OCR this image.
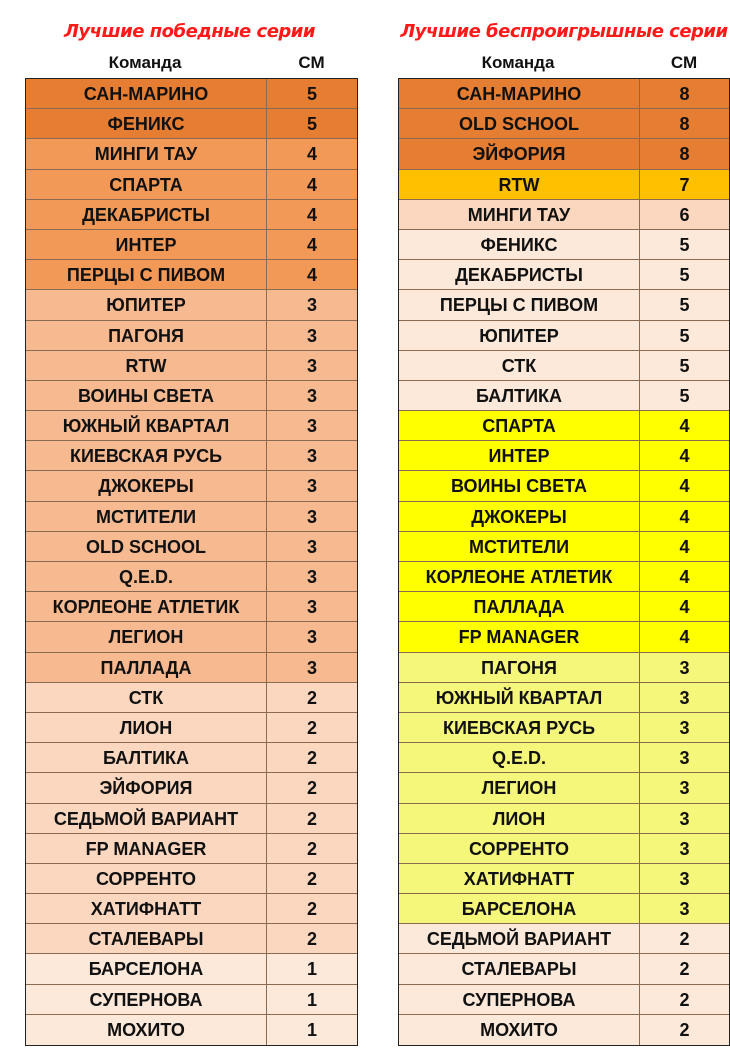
Лучшие победные серии
Команда	СМ
САН-МАРИНО	5
ФЕНИКС	5
МИНГИ ТАУ	4
СПАРТА	4
ДЕКАБРИСТЫ	4
ИНТЕР	4
ПЕРЦЫ С ПИВОМ	4
ЮПИТЕР	3
ПАГОНЯ	3
RTW	3
ВОИНЫ СВЕТА	3
ЮЖНЫЙ КВАРТАЛ	3
КИЕВСКАЯ РУСЬ	3
ДЖОКЕРЫ	3
МСТИТЕЛИ	3
OLD SCHOOL	3
Q.E.D.	3
КОРЛЕОНЕ АТЛЕТИК	3
ЛЕГИОН	3
ПАЛЛАДА	3
СТК	2
ЛИОН	2
БАЛТИКА	2
ЭЙФОРИЯ	2
СЕДЬМОЙ ВАРИАНТ	2
FP MANAGER	2
СОРРЕНТО	2
ХАТИФНАТТ	2
СТАЛЕВАРЫ	2
БАРСЕЛОНА	1
СУПЕРНОВА	1
МОХИТО	1
Лучшие беспроигрышные серии
Команда	СМ
САН-МАРИНО	8
OLD SCHOOL	8
ЭЙФОРИЯ	8
RTW	7
МИНГИ ТАУ	6
ФЕНИКС	5
ДЕКАБРИСТЫ	5
ПЕРЦЫ С ПИВОМ	5
ЮПИТЕР	5
СТК	5
БАЛТИКА	5
СПАРТА	4
ИНТЕР	4
ВОИНЫ СВЕТА	4
ДЖОКЕРЫ	4
МСТИТЕЛИ	4
КОРЛЕОНЕ АТЛЕТИК	4
ПАЛЛАДА	4
FP MANAGER	4
ПАГОНЯ	3
ЮЖНЫЙ КВАРТАЛ	3
КИЕВСКАЯ РУСЬ	3
Q.E.D.	3
ЛЕГИОН	3
ЛИОН	3
СОРРЕНТО	3
ХАТИФНАТТ	3
БАРСЕЛОНА	3
СЕДЬМОЙ ВАРИАНТ	2
СТАЛЕВАРЫ	2
СУПЕРНОВА	2
МОХИТО	2
